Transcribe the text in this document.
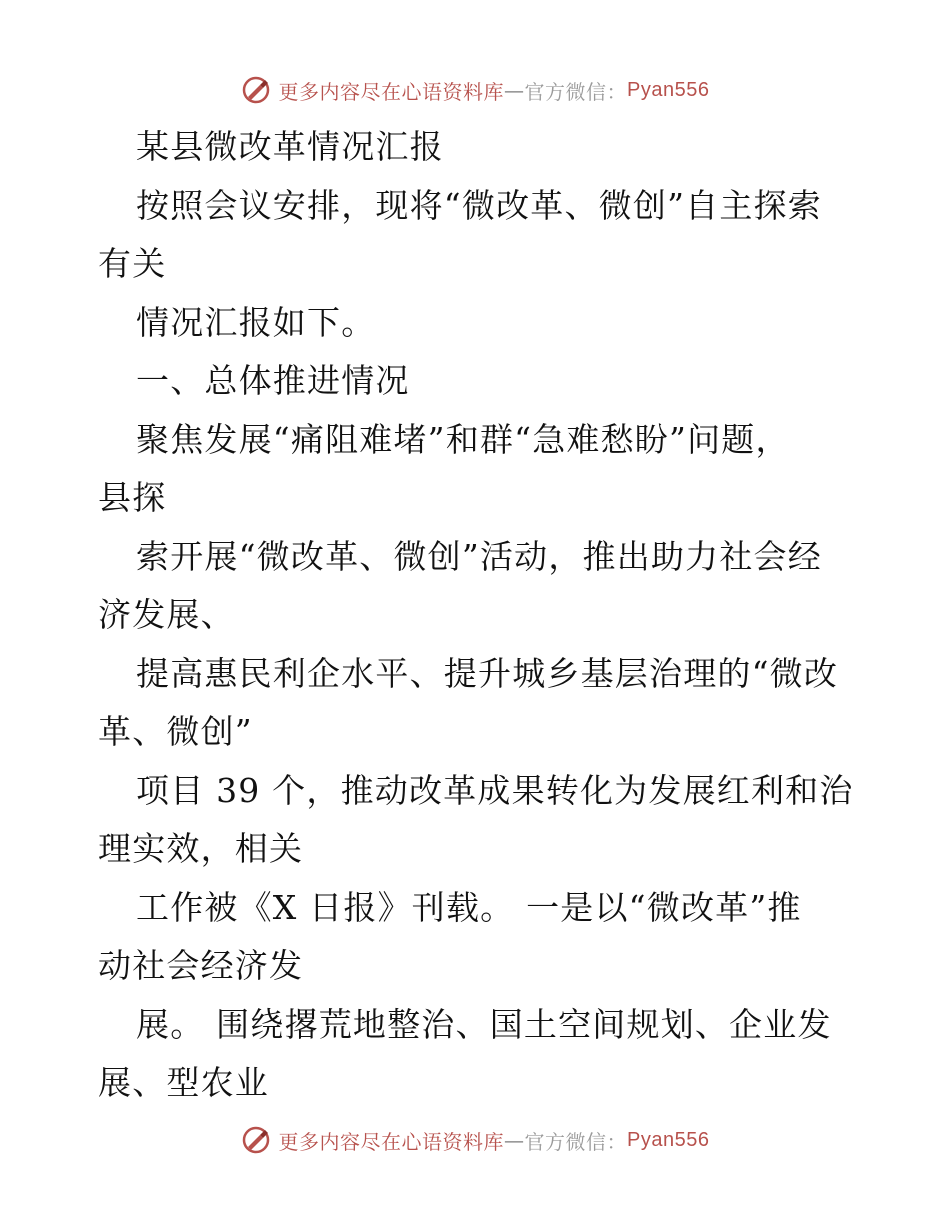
更多内容尽在心语资料库 — 官方微信： Pyan556
某县微改革情况汇报
按照会议安排，现将“微改革、微创”自主探索
有关
情况汇报如下。
一、总体推进情况
聚焦发展“痛阻难堵”和群“急难愁盼”问题，
县探
索开展“微改革、微创”活动，推出助力社会经
济发展、
提高惠民利企水平、提升城乡基层治理的“微改
革、微创”
项目 39 个，推动改革成果转化为发展红利和治
理实效，相关
工作被《X 日报》刊载。 一是以“微改革”推
动社会经济发
展。 围绕撂荒地整治、国土空间规划、企业发
展、型农业
更多内容尽在心语资料库 — 官方微信： Pyan556
